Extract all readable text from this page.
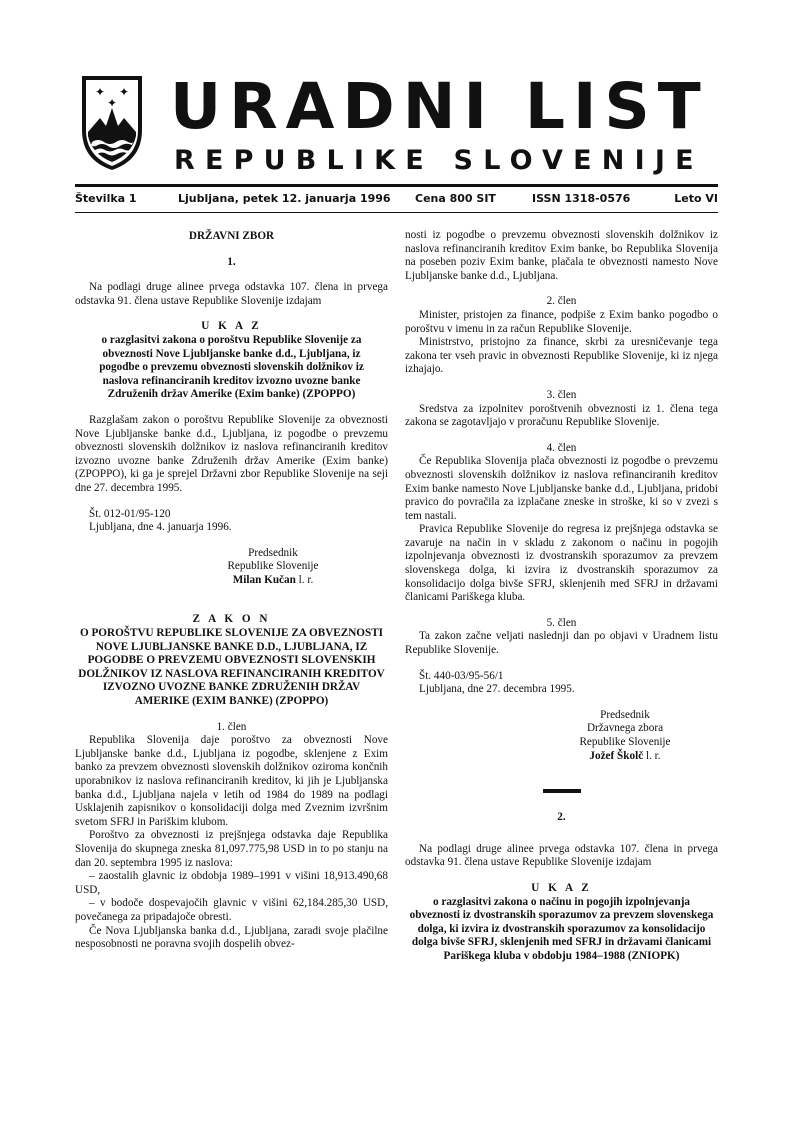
✦ ✦
✦ URADNI LIST
REPUBLIKE SLOVENIJE
Številka 1	Ljubljana, petek 12. januarja 1996 Cena 800 SIT	ISSN 1318-0576	Leto VI

DRŽAVNI ZBOR

1.

Na podlagi druge alinee prvega odstavka 107. člena in prvega odstavka 91. člena ustave Republike Slovenije izdajam

U K A Z

o razglasitvi zakona o poroštvu Republike Slovenije za obveznosti Nove Ljubljanske banke d.d., Ljubljana, iz pogodbe o prevzemu obveznosti slovenskih dolžnikov iz naslova refinanciranih kreditov izvozno uvozne banke Združenih držav Amerike (Exim banke) (ZPOPPO)

Razglašam zakon o poroštvu Republike Slovenije za obveznosti Nove Ljubljanske banke d.d., Ljubljana, iz pogodbe o prevzemu obveznosti slovenskih dolžnikov iz naslova refinanciranih kreditov izvozno uvozne banke Združenih držav Amerike (Exim banke) (ZPOPPO), ki ga je sprejel Državni zbor Republike Slovenije na seji dne 27. decembra 1995.

Št. 012-01/95-120

Ljubljana, dne 4. januarja 1996.

Predsednik

Republike Slovenije

Milan Kučan l. r.

Z A K O N

O POROŠTVU REPUBLIKE SLOVENIJE ZA OBVEZNOSTI NOVE LJUBLJANSKE BANKE D.D., LJUBLJANA, IZ POGODBE O PREVZEMU OBVEZNOSTI SLOVENSKIH DOLŽNIKOV IZ NASLOVA REFINANCIRANIH KREDITOV IZVOZNO UVOZNE BANKE ZDRUŽENIH DRŽAV AMERIKE (EXIM BANKE) (ZPOPPO)

1. člen

Republika Slovenija daje poroštvo za obveznosti Nove Ljubljanske banke d.d., Ljubljana iz pogodbe, sklenjene z Exim banko za prevzem obveznosti slovenskih dolžnikov oziroma končnih uporabnikov iz naslova refinanciranih kreditov, ki jih je Ljubljanska banka d.d., Ljubljana najela v letih od 1984 do 1989 na podlagi Usklajenih zapisnikov o konsolidaciji dolga med Zveznim izvršnim svetom SFRJ in Pariškim klubom.

Poroštvo za obveznosti iz prejšnjega odstavka daje Republika Slovenija do skupnega zneska 81,097.775,98 USD in to po stanju na dan 20. septembra 1995 iz naslova:

– zaostalih glavnic iz obdobja 1989–1991 v višini 18,913.490,68 USD,

– v bodoče dospevajočih glavnic v višini 62,184.285,30 USD, povečanega za pripadajoče obresti.

Če Nova Ljubljanska banka d.d., Ljubljana, zaradi svoje plačilne nesposobnosti ne poravna svojih dospelih obvez-

nosti iz pogodbe o prevzemu obveznosti slovenskih dolžnikov iz naslova refinanciranih kreditov Exim banke, bo Republika Slovenija na poseben poziv Exim banke, plačala te obveznosti namesto Nove Ljubljanske banke d.d., Ljubljana.

2. člen

Minister, pristojen za finance, podpiše z Exim banko pogodbo o poroštvu v imenu in za račun Republike Slovenije.

Ministrstvo, pristojno za finance, skrbi za uresničevanje tega zakona ter vseh pravic in obveznosti Republike Slovenije, ki iz njega izhajajo.

3. člen

Sredstva za izpolnitev poroštvenih obveznosti iz 1. člena tega zakona se zagotavljajo v proračunu Republike Slovenije.

4. člen

Če Republika Slovenija plača obveznosti iz pogodbe o prevzemu obveznosti slovenskih dolžnikov iz naslova refinanciranih kreditov Exim banke namesto Nove Ljubljanske banke d.d., Ljubljana, pridobi pravico do povračila za izplačane zneske in stroške, ki so v zvezi s tem nastali.

Pravica Republike Slovenije do regresa iz prejšnjega odstavka se zavaruje na način in v skladu z zakonom o načinu in pogojih izpolnjevanja obveznosti iz dvostranskih sporazumov za prevzem slovenskega dolga, ki izvira iz dvostranskih sporazumov za konsolidacijo dolga bivše SFRJ, sklenjenih med SFRJ in državami članicami Pariškega kluba.

5. člen

Ta zakon začne veljati naslednji dan po objavi v Uradnem listu Republike Slovenije.

Št. 440-03/95-56/1

Ljubljana, dne 27. decembra 1995.

Predsednik

Državnega zbora

Republike Slovenije

Jožef Školč l. r.

2.

Na podlagi druge alinee prvega odstavka 107. člena in prvega odstavka 91. člena ustave Republike Slovenije izdajam

U K A Z

o razglasitvi zakona o načinu in pogojih izpolnjevanja obveznosti iz dvostranskih sporazumov za prevzem slovenskega dolga, ki izvira iz dvostranskih sporazumov za konsolidacijo dolga bivše SFRJ, sklenjenih med SFRJ in državami članicami Pariškega kluba v obdobju 1984–1988 (ZNIOPK)
